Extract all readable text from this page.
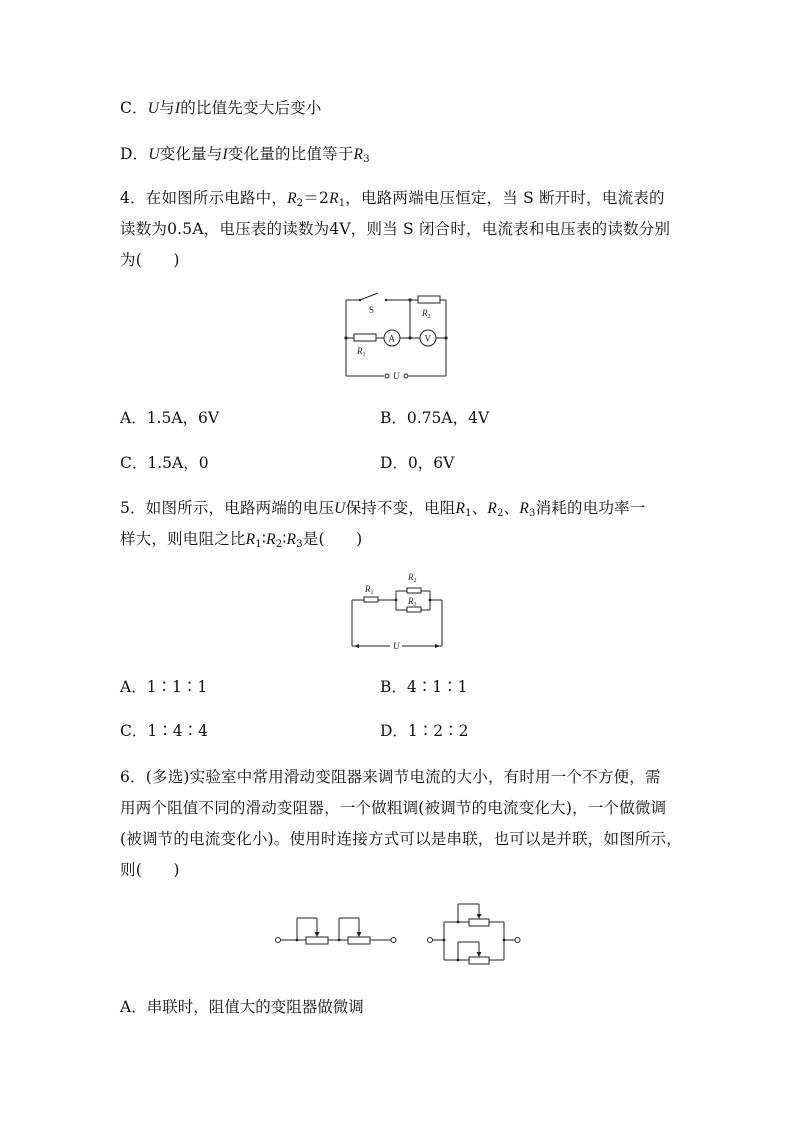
C．U与I的比值先变大后变小
D．U变化量与I变化量的比值等于$R_3$
4．在如图所示电路中，$R_2=2R_1$，电路两端电压恒定，当 S 断开时，电流表的
读数为0.5A，电压表的读数为4V，则当 S 闭合时，电流表和电压表的读数分别
为(　　)
S	$R_2$
$R_1$
A	V
U
A．1.5A，6V	B．0.75A，4V
C．1.5A，0	D．0，6V
5．如图所示，电路两端的电压U保持不变，电阻$R_1$、$R_2$、$R_3$消耗的电功率一
样大，则电阻之比$R_1∶R_2∶R_3$是(　　)
$R_1$
$R_2$
$R_3$
U
A．1∶1∶1	B．4∶1∶1
C．1∶4∶4	D．1∶2∶2
6．(多选)实验室中常用滑动变阻器来调节电流的大小，有时用一个不方便，需
用两个阻值不同的滑动变阻器，一个做粗调(被调节的电流变化大)，一个做微调
(被调节的电流变化小)。使用时连接方式可以是串联，也可以是并联，如图所示，
则(　　)
A．串联时，阻值大的变阻器做微调
